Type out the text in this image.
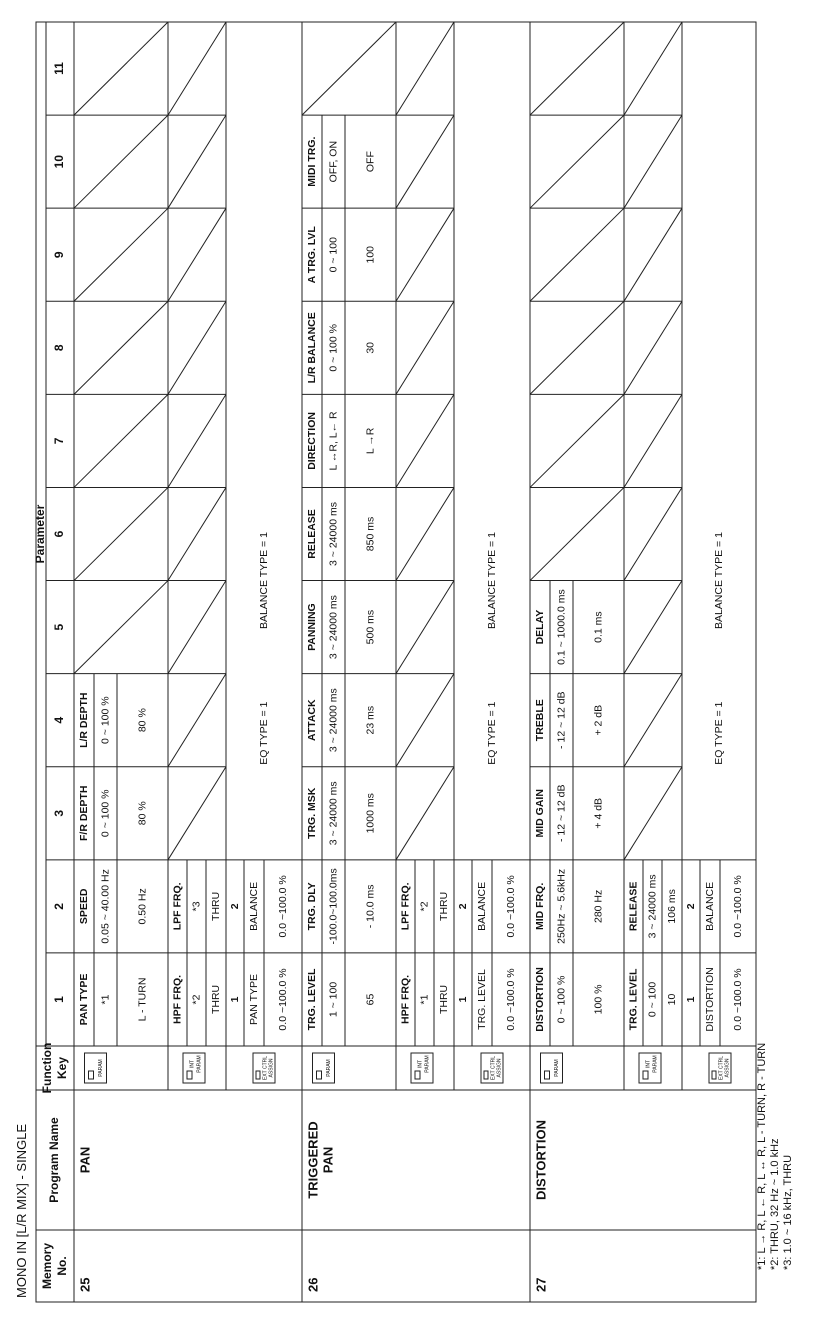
MONO IN [L/R MIX] - SINGLE Memory No.
Program Name
Function Key
Parameter
1
2
3
4
5
6
7
8
9
10
11
25
PAN
PARAM
PAN TYPE *1 L - TURN
SPEED 0.05 ~ 40.00 Hz 0.50 Hz
F/R DEPTH 0 ~ 100 % 80 %
L/R DEPTH 0 ~ 100 % 80 %
INT PARAM
HPF FRQ. *2 THRU
LPF FRQ. *3 THRU
EXT CTRL ASSIGN
1 PAN TYPE 0.0 ~100.0 %
2 BALANCE 0.0 ~100.0 %
EQ TYPE = 1
BALANCE TYPE = 1
26
TRIGGERED PAN
PARAM
TRG. LEVEL 1 ~ 100 65
TRG. DLY -100.0~100.0ms - 10.0 ms
TRG. MSK 3 ~ 24000 ms 1000 ms
ATTACK 3 ~ 24000 ms 23 ms
PANNING 3 ~ 24000 ms 500 ms
RELEASE 3 ~ 24000 ms 850 ms
DIRECTION L ↔R, L← R L →R
L/R BALANCE 0 ~ 100 % 30
A TRG. LVL 0 ~ 100 100
MIDI TRG. OFF, ON OFF
INT PARAM
HPF FRQ. *1 THRU
LPF FRQ. *2 THRU
EXT CTRL ASSIGN
1 TRG. LEVEL 0.0 ~100.0 %
2 BALANCE 0.0 ~100.0 %
EQ TYPE = 1
BALANCE TYPE = 1
27
DISTORTION
PARAM
DISTORTION 0 ~ 100 % 100 %
MID FRQ. 250Hz ~ 5.6kHz 280 Hz
MID GAIN - 12 ~ 12 dB + 4 dB
TREBLE - 12 ~ 12 dB + 2 dB
DELAY 0.1 ~ 1000.0 ms 0.1 ms
INT PARAM
TRG. LEVEL 0 ~ 100 10
RELEASE 3 ~ 24000 ms 106 ms
EXT CTRL ASSIGN
1 DISTORTION 0.0 ~100.0 %
2 BALANCE 0.0 ~100.0 %
EQ TYPE = 1
BALANCE TYPE = 1
*1: L → R, L ← R, L ↔ R, L - TURN, R - TURN *2: THRU, 32 Hz ~ 1.0 kHz *3: 1.0 ~ 16 kHz, THRU
